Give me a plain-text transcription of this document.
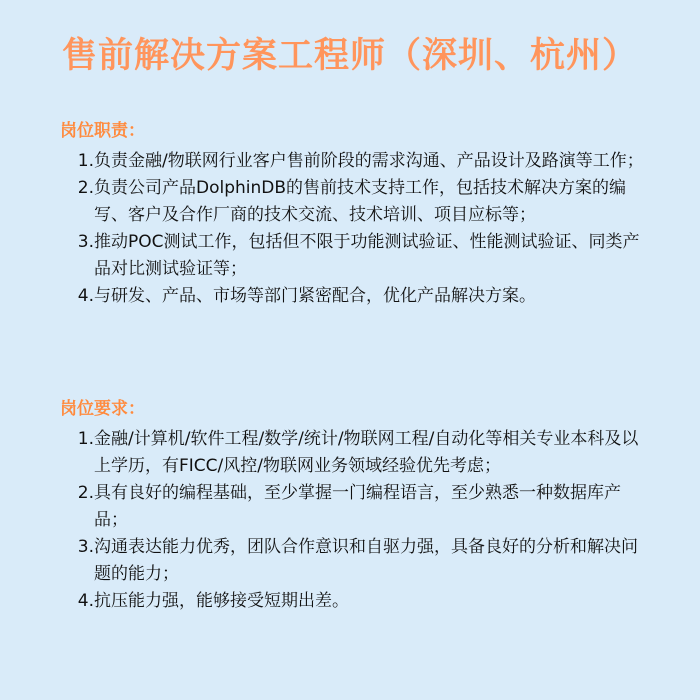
售前解决方案工程师（深圳、杭州）
岗位职责：
1. 负责金融/物联网行业客户售前阶段的需求沟通、产品设计及路演等工作；
2. 负责公司产品DolphinDB的售前技术支持工作，包括技术解决方案的编写、客户及合作厂商的技术交流、技术培训、项目应标等；
3. 推动POC测试工作，包括但不限于功能测试验证、性能测试验证、同类产品对比测试验证等；
4. 与研发、产品、市场等部门紧密配合，优化产品解决方案。
岗位要求：
1. 金融/计算机/软件工程/数学/统计/物联网工程/自动化等相关专业本科及以上学历，有FICC/风控/物联网业务领域经验优先考虑；
2. 具有良好的编程基础，至少掌握一门编程语言，至少熟悉一种数据库产品；
3. 沟通表达能力优秀，团队合作意识和自驱力强，具备良好的分析和解决问题的能力；
4. 抗压能力强，能够接受短期出差。
